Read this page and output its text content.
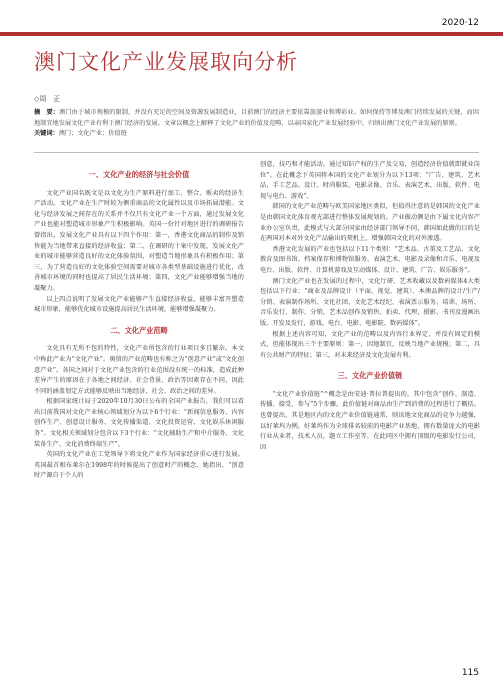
2020·12
澳门文化产业发展取向分析
◇周　正
摘　要：澳门由于城市规模的限制，并没有充足的空间及资源发展制造业，目前澳门的经济主要依靠旅游业和博彩业。如何保持等博及澳门持续发展的关键，而因地制宜地发展文化产业有利于澳门经济的发展。文章以概念上解释了文化产业的价值及范畴，以亲国家化产业发展经验中，归纳出澳门文化产业发展的原则。
关键词：澳门；文化产业；价值链
一、文化产业的经济与社会价值

文化产业国名既文是以文化为生产原料进行加工、整合、贩卖的经济生产活动。文化产业在生产时较为侧重商品的文化属性以及市场拓展潜能。文化与经济发展之间存在的关系并不仅只有文化产业一个方面，通过发展文化产业也能对塑造城市形象产生积极影响。英国一份针对地区进行的调研报告曾指出，发展文化产业具有以下四个作用：第一，香港文化商品的制作及销售能为当地带来直接的经济收益；第二，在调研的十案中发现，发展文化产业的城市能够营造良好的文化体验氛围，对塑造当地形象具有积极作用；第三，为了营造良好的文化体验空间需要对城市各类型基础设施进行优化，改善城市环境的同时也提高了居民生活环境；第四，文化产业能够增强当地的凝聚力。

以上四点说明了发展文化产业能够产生直接经济收益，能够丰富开塑造城市形象，能够优化城市设施提高居民生活环境，能够增强凝聚力。

二、文化产业范畴

文化具有无所不包的特性，文化产业所包含的行业项目多且繁杂。本文中称此产业为“文化产业”。奥留的产业范畴也有称之为“创意产业”或“文化创意产业”。各国之间对于文化产业包含的行业范围没有统一的标准，造成此种差异产生的原因在于各地之间经济、社会背景、政治等因素存在不同，因此不同的涵盖划定方式能够反映出当地经济、社会、政治之间的差异。

根据国家统计局于2020年10月30日公布的全国产业报告，我们可以看出目前我国对文化产业核心领域划分为以下6个行业：“新闻信息服务、内容创作生产、创意设计服务、文化传播渠道、文化投资运营、文化娱乐休闲服务”。文化相关领域划分包含以下3个行业：“文化辅助生产和中介服务、文化装备生产、文化消费终端生产”。

英国的文化产业在工党领导下将文化产业作为国家经济重心进行发展。英国最首相布莱尔在1998年的时候提出了创意时产的概念，她指出，“创意时产源自于个人的

创意，技巧和才能活动，通过知识产权的生产及交易，创造经济价值就即就业岗位”。在此概念下英国将本国的文化产业划分为以下13项：“广告、建筑、艺术品、手工艺品、设计、时尚服装、电影录像、音乐、表演艺术、出版、软件、电视与电台、游戏”。

韩国的文化产业范畴与欧美国家地区类似，但值得注意的是韩国的文化产业是由韩国文化体育观光部进行整体发展规划的。产业振动侧是由下属文化内容产业办公室负责，此模式与大部分国家由经济部门领导不同，韩国如此做的目的是在两国对本对外文化产品输出的契机上，增强韩国文化的对外渗透。

香港文化发展的产业也包括以下11个类别：“艺术品、古董及工艺品、文化教育及图书馆、档案保存和博物馆服务、表演艺术、电影及录像和音乐、电视及电台、出版、软件、计算机游戏及互动媒体、设计、建筑、广告、娱乐服务”。

澳门文化产业也在发展的过程中，文化厅研、艺术收藏以及数码媒体4大类包括以下行业：“商业及品牌设计（平面、视觉、建筑）、本澳品牌的设计/生产/分销、表演制作场所、文化社团、文化艺术经纪、表演票示服务、培训、场所、音乐发行、制作、分销，艺术品创作及销售、拍卖、代理，摄影、书刊及漫画出版、开发及发行，游戏、电台、电影、电影院、数码媒体”。

根据上述内容可知，文化产业的范畴以及内容行业界定，并没有固定的模式，但能体现出三个主要原则：第一，因地制宜，反映当地产业规模；第二，具有公共财产的特征；第三，对未来经济及文化发展有利。

三、文化产业价值链

“文化产业价值链”^概念是由安迪·普拉普提出的，其中包含“创作、制造、传播、接受、参与”5个步骤。此价值链对商品由生产到消费的过程进行了概括。也曾提出，其是地区内的文化产业价值链通常，则该地文化商品的竞争力越强，以好莱坞为例，好莱坞作为全球排名较前的电影产业基地，拥有数量庞大的电影行业从业者，技术人员，题立工作室等，在此同区中拥有顶级的电影发行公司，因

115
